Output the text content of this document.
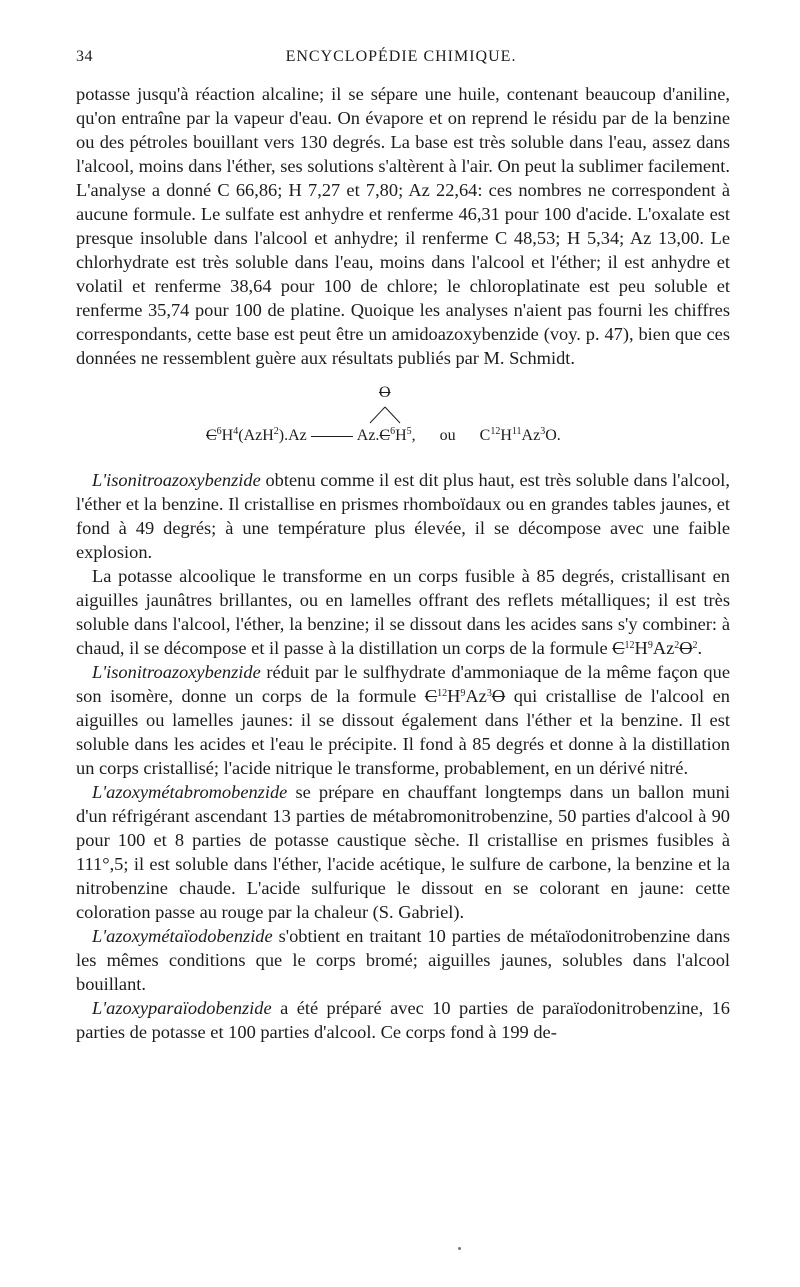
34	ENCYCLOPÉDIE CHIMIQUE.

potasse jusqu'à réaction alcaline; il se sépare une huile, contenant beaucoup d'aniline, qu'on entraîne par la vapeur d'eau. On évapore et on reprend le résidu par de la benzine ou des pétroles bouillant vers 130 degrés. La base est très soluble dans l'eau, assez dans l'alcool, moins dans l'éther, ses solutions s'altèrent à l'air. On peut la sublimer facilement. L'analyse a donné C 66,86; H 7,27 et 7,80; Az 22,64: ces nombres ne correspondent à aucune formule. Le sulfate est anhydre et renferme 46,31 pour 100 d'acide. L'oxalate est presque insoluble dans l'alcool et anhydre; il renferme C 48,53; H 5,34; Az 13,00. Le chlorhydrate est très soluble dans l'eau, moins dans l'alcool et l'éther; il est anhydre et volatil et renferme 38,64 pour 100 de chlore; le chloroplatinate est peu soluble et renferme 35,74 pour 100 de platine. Quoique les analyses n'aient pas fourni les chiffres correspondants, cette base est peut être un amidoazoxybenzide (voy. p. 47), bien que ces données ne ressemblent guère aux résultats publiés par M. Schmidt.

O
$C^6H^4(AzH^2).Az$	$Az.C^6H^5$, ou $C^{12}H^{11}Az^3O$.

L'isonitroazoxybenzide obtenu comme il est dit plus haut, est très soluble dans l'alcool, l'éther et la benzine. Il cristallise en prismes rhomboïdaux ou en grandes tables jaunes, et fond à 49 degrés; à une température plus élevée, il se décompose avec une faible explosion.

La potasse alcoolique le transforme en un corps fusible à 85 degrés, cristallisant en aiguilles jaunâtres brillantes, ou en lamelles offrant des reflets métalliques; il est très soluble dans l'alcool, l'éther, la benzine; il se dissout dans les acides sans s'y combiner: à chaud, il se décompose et il passe à la distillation un corps de la formule $C^{12}H^9Az^2O^2$.

L'isonitroazoxybenzide réduit par le sulfhydrate d'ammoniaque de la même façon que son isomère, donne un corps de la formule $C^{12}H^9Az^3O$ qui cristallise de l'alcool en aiguilles ou lamelles jaunes: il se dissout également dans l'éther et la benzine. Il est soluble dans les acides et l'eau le précipite. Il fond à 85 degrés et donne à la distillation un corps cristallisé; l'acide nitrique le transforme, probablement, en un dérivé nitré.

L'azoxymétabromobenzide se prépare en chauffant longtemps dans un ballon muni d'un réfrigérant ascendant 13 parties de métabromonitrobenzine, 50 parties d'alcool à 90 pour 100 et 8 parties de potasse caustique sèche. Il cristallise en prismes fusibles à 111°,5; il est soluble dans l'éther, l'acide acétique, le sulfure de carbone, la benzine et la nitrobenzine chaude. L'acide sulfurique le dissout en se colorant en jaune: cette coloration passe au rouge par la chaleur (S. Gabriel).

L'azoxymétaïodobenzide s'obtient en traitant 10 parties de métaïodonitrobenzine dans les mêmes conditions que le corps bromé; aiguilles jaunes, solubles dans l'alcool bouillant.

L'azoxyparaïodobenzide a été préparé avec 10 parties de paraïodonitrobenzine, 16 parties de potasse et 100 parties d'alcool. Ce corps fond à 199 de-
